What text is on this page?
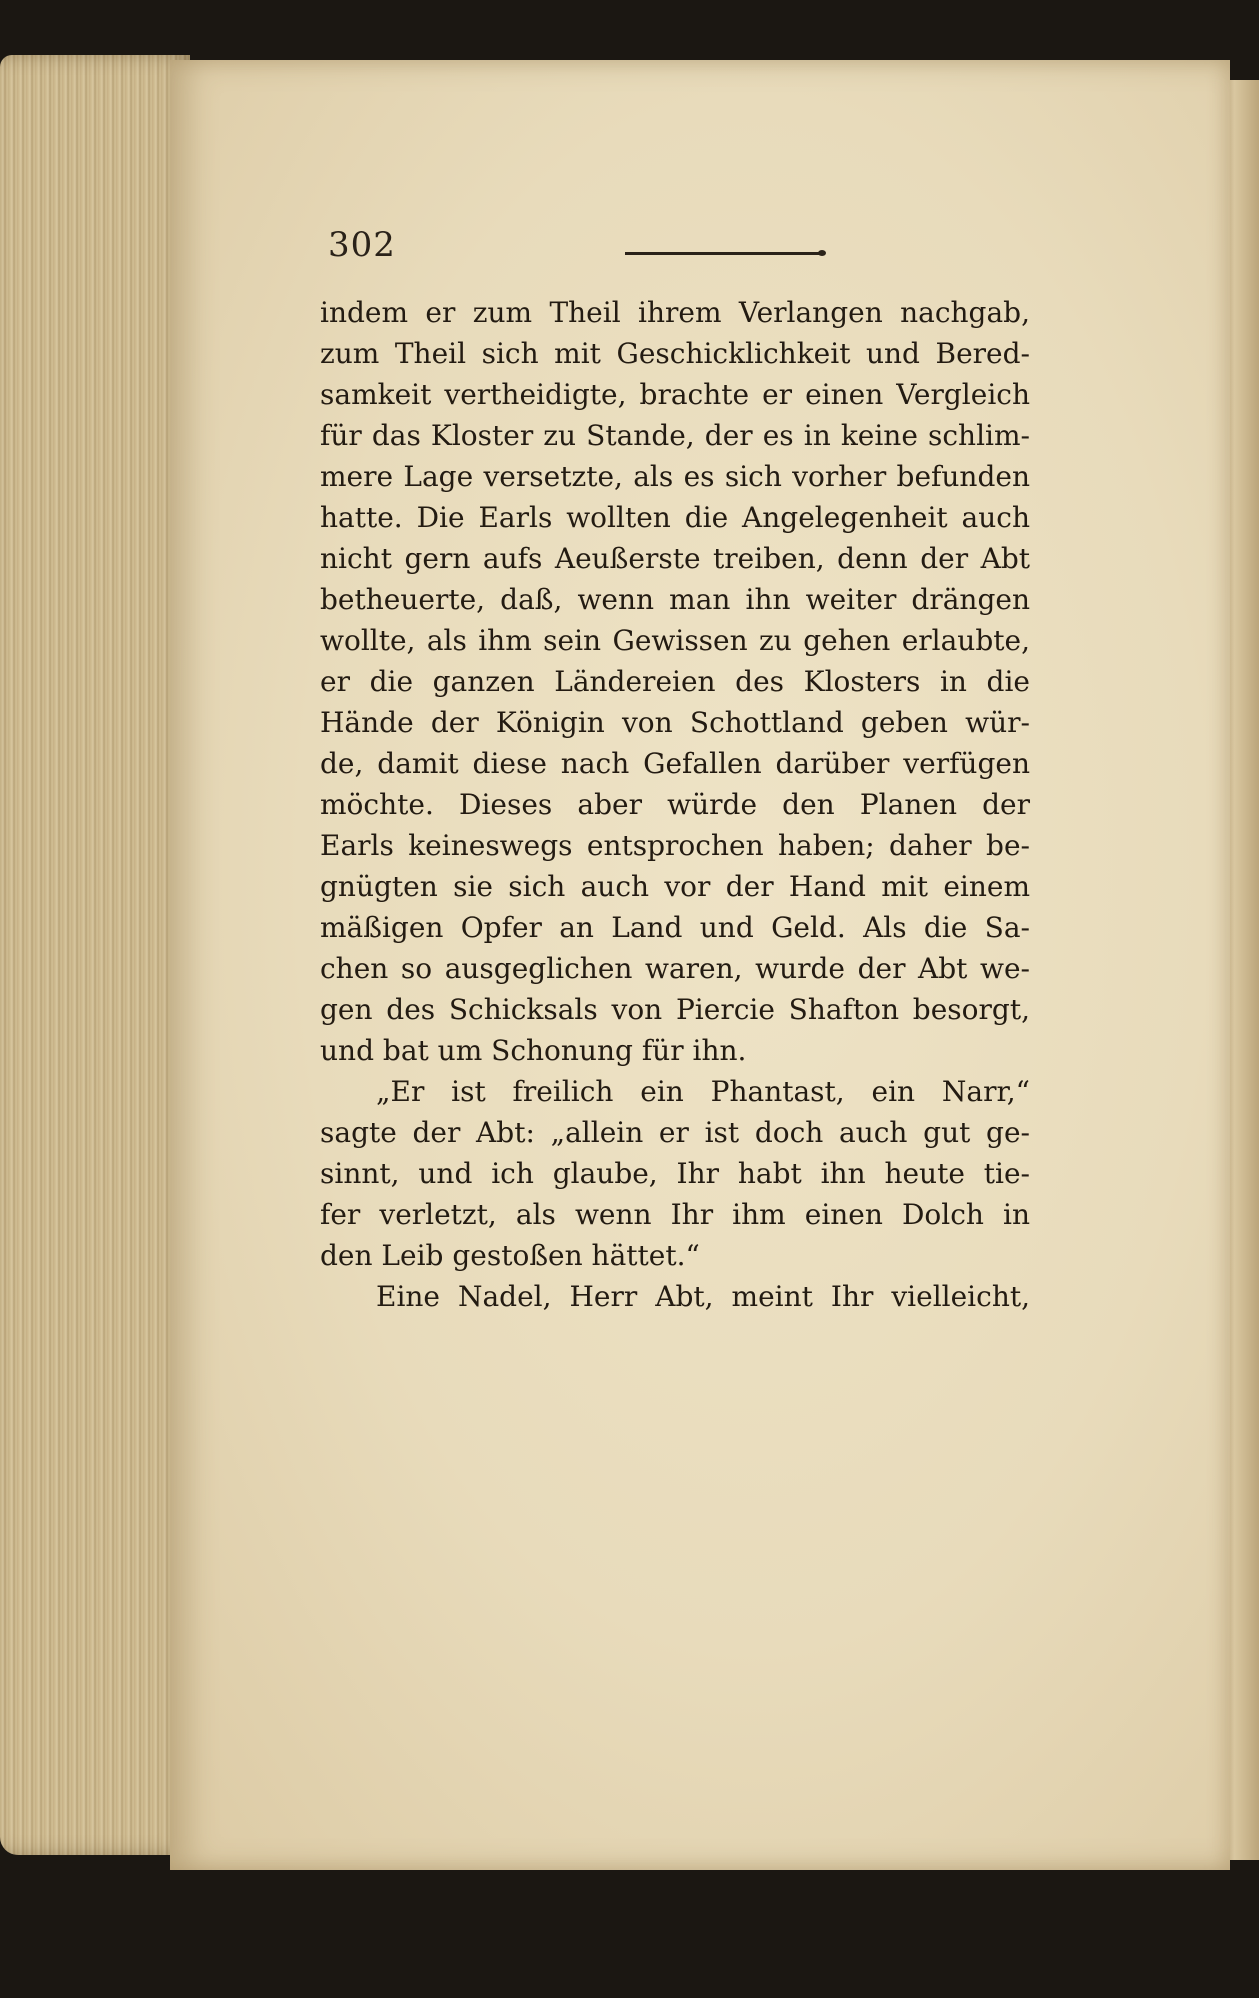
302
indem er zum Theil ihrem Verlangen nachgab,
zum Theil sich mit Geschicklichkeit und Bered-
samkeit vertheidigte, brachte er einen Vergleich
für das Kloster zu Stande, der es in keine schlim-
mere Lage versetzte, als es sich vorher befunden
hatte. Die Earls wollten die Angelegenheit auch
nicht gern aufs Aeußerste treiben, denn der Abt
betheuerte, daß, wenn man ihn weiter drängen
wollte, als ihm sein Gewissen zu gehen erlaubte,
er die ganzen Ländereien des Klosters in die
Hände der Königin von Schottland geben wür-
de, damit diese nach Gefallen darüber verfügen
möchte. Dieses aber würde den Planen der
Earls keineswegs entsprochen haben; daher be-
gnügten sie sich auch vor der Hand mit einem
mäßigen Opfer an Land und Geld. Als die Sa-
chen so ausgeglichen waren, wurde der Abt we-
gen des Schicksals von Piercie Shafton besorgt,
und bat um Schonung für ihn.
„Er ist freilich ein Phantast, ein Narr,“
sagte der Abt: „allein er ist doch auch gut ge-
sinnt, und ich glaube, Ihr habt ihn heute tie-
fer verletzt, als wenn Ihr ihm einen Dolch in
den Leib gestoßen hättet.“
Eine Nadel, Herr Abt, meint Ihr vielleicht,
